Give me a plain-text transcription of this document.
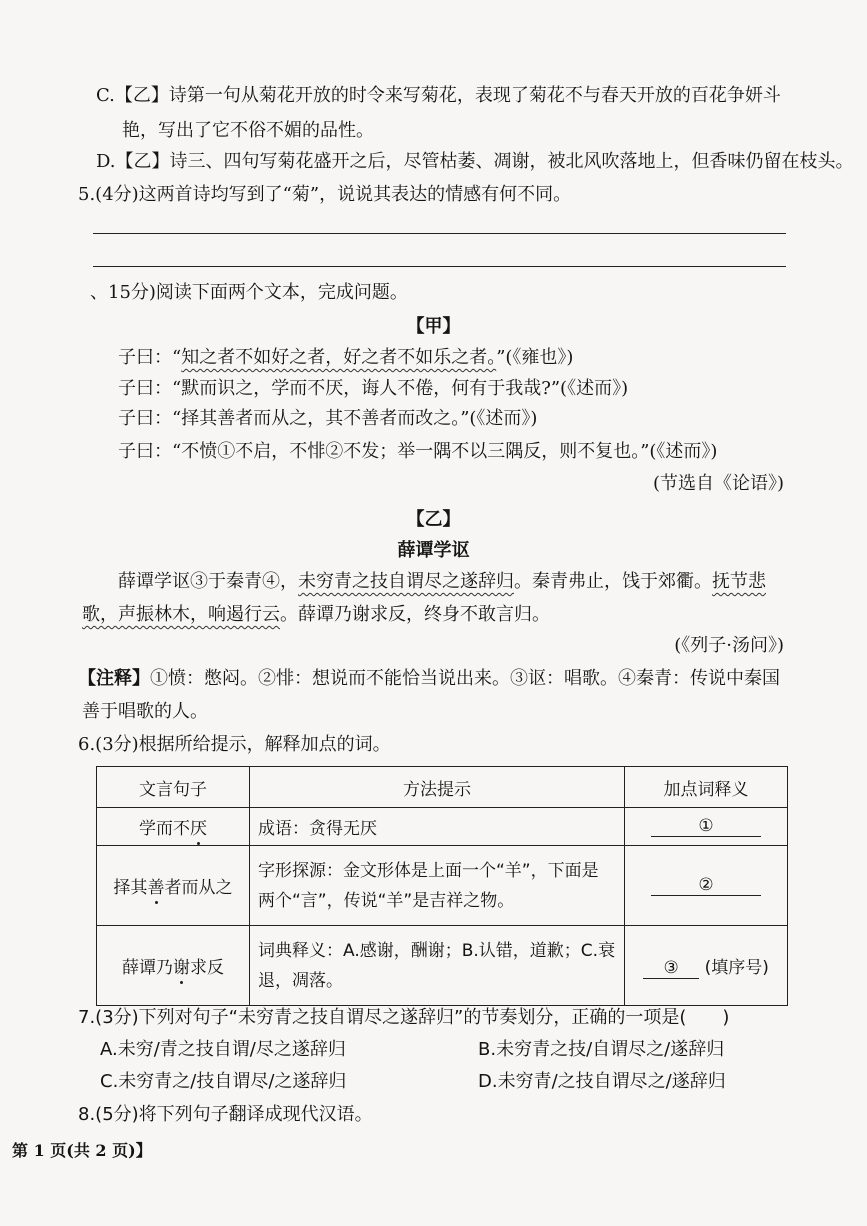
C.【乙】诗第一句从菊花开放的时令来写菊花，表现了菊花不与春天开放的百花争妍斗
艳，写出了它不俗不媚的品性。
D.【乙】诗三、四句写菊花盛开之后，尽管枯萎、凋谢，被北风吹落地上，但香味仍留在枝头。
5.(4分)这两首诗均写到了“菊”，说说其表达的情感有何不同。
、15分)阅读下面两个文本，完成问题。
【甲】
子曰：“知之者不如好之者，好之者不如乐之者。”(《雍也》)
子曰：“默而识之，学而不厌，诲人不倦，何有于我哉?”(《述而》)
子曰：“择其善者而从之，其不善者而改之。”(《述而》)
子曰：“不愤①不启，不悱②不发；举一隅不以三隅反，则不复也。”(《述而》)
(节选自《论语》)
【乙】
薛谭学讴
薛谭学讴③于秦青④，未穷青之技自谓尽之遂辞归。秦青弗止，饯于郊衢。抚节悲
歌，声振林木，响遏行云。薛谭乃谢求反，终身不敢言归。
(《列子·汤问》)
【注释】①愤：憋闷。②悱：想说而不能恰当说出来。③讴：唱歌。④秦青：传说中秦国
善于唱歌的人。
6.(3分)根据所给提示，解释加点的词。
文言句子	方法提示	加点词释义
学而不厌	成语：贪得无厌	①
择其善者而从之	字形探源：金文形体是上面一个“羊”，下面是
两个“言”，传说“羊”是吉祥之物。	②
薛谭乃谢求反	词典释义：A.感谢，酬谢；B.认错，道歉；C.衰
退，凋落。	③ (填序号)
7.(3分)下列对句子“未穷青之技自谓尽之遂辞归”的节奏划分，正确的一项是(　　)
A.未穷/青之技自谓/尽之遂辞归	B.未穷青之技/自谓尽之/遂辞归
C.未穷青之/技自谓尽/之遂辞归	D.未穷青/之技自谓尽之/遂辞归
8.(5分)将下列句子翻译成现代汉语。
第 1 页(共 2 页)】
